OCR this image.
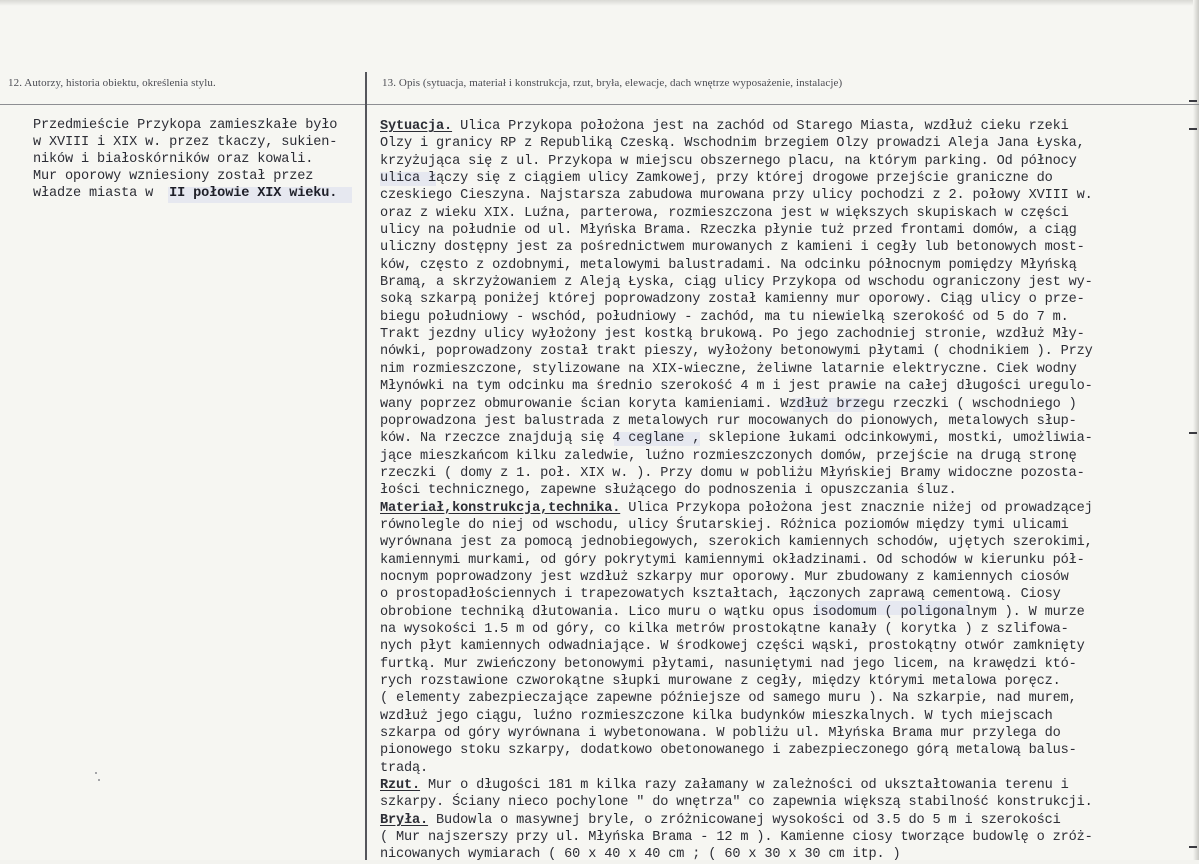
12. Autorzy, historia obiektu, określenia stylu.	13. Opis (sytuacja, materiał i konstrukcja, rzut, bryła, elewacje, dach wnętrze wyposażenie, instalacje)
Przedmieście Przykopa zamieszkałe było
w XVIII i XIX w. przez tkaczy, sukien-
ników i białoskórników oraz kowali.
Mur oporowy wzniesiony został przez
władze miasta w II połowie XIX wieku.
Sytuacja. Ulica Przykopa położona jest na zachód od Starego Miasta, wzdłuż cieku rzeki
Olzy i granicy RP z Republiką Czeską. Wschodnim brzegiem Olzy prowadzi Aleja Jana Łyska,
krzyżująca się z ul. Przykopa w miejscu obszernego placu, na którym parking. Od północy
ulica łączy się z ciągiem ulicy Zamkowej, przy której drogowe przejście graniczne do
czeskiego Cieszyna. Najstarsza zabudowa murowana przy ulicy pochodzi z 2. połowy XVIII w.
oraz z wieku XIX. Luźna, parterowa, rozmieszczona jest w większych skupiskach w części
ulicy na południe od ul. Młyńska Brama. Rzeczka płynie tuż przed frontami domów, a ciąg
uliczny dostępny jest za pośrednictwem murowanych z kamieni i cegły lub betonowych most-
ków, często z ozdobnymi, metalowymi balustradami. Na odcinku północnym pomiędzy Młyńską
Bramą, a skrzyżowaniem z Aleją Łyska, ciąg ulicy Przykopa od wschodu ograniczony jest wy-
soką szkarpą poniżej której poprowadzony został kamienny mur oporowy. Ciąg ulicy o prze-
biegu południowy - wschód, południowy - zachód, ma tu niewielką szerokość od 5 do 7 m.
Trakt jezdny ulicy wyłożony jest kostką brukową. Po jego zachodniej stronie, wzdłuż Mły-
nówki, poprowadzony został trakt pieszy, wyłożony betonowymi płytami ( chodnikiem ). Przy
nim rozmieszczone, stylizowane na XIX-wieczne, żeliwne latarnie elektryczne. Ciek wodny
Młynówki na tym odcinku ma średnio szerokość 4 m i jest prawie na całej długości uregulo-
wany poprzez obmurowanie ścian koryta kamieniami. Wzdłuż brzegu rzeczki ( wschodniego )
poprowadzona jest balustrada z metalowych rur mocowanych do pionowych, metalowych słup-
ków. Na rzeczce znajdują się 4 ceglane , sklepione łukami odcinkowymi, mostki, umożliwia-
jące mieszkańcom kilku zaledwie, luźno rozmieszczonych domów, przejście na drugą stronę
rzeczki ( domy z 1. poł. XIX w. ). Przy domu w pobliżu Młyńskiej Bramy widoczne pozosta-
łości technicznego, zapewne służącego do podnoszenia i opuszczania śluz.
Materiał,konstrukcja,technika. Ulica Przykopa położona jest znacznie niżej od prowadzącej
równolegle do niej od wschodu, ulicy Śrutarskiej. Różnica poziomów między tymi ulicami
wyrównana jest za pomocą jednobiegowych, szerokich kamiennych schodów, ujętych szerokimi,
kamiennymi murkami, od góry pokrytymi kamiennymi okładzinami. Od schodów w kierunku pół-
nocnym poprowadzony jest wzdłuż szkarpy mur oporowy. Mur zbudowany z kamiennych ciosów
o prostopadłościennych i trapezowatych kształtach, łączonych zaprawą cementową. Ciosy
obrobione techniką dłutowania. Lico muru o wątku opus isodomum ( poligonalnym ). W murze
na wysokości 1.5 m od góry, co kilka metrów prostokątne kanały ( korytka ) z szlifowa-
nych płyt kamiennych odwadniające. W środkowej części wąski, prostokątny otwór zamknięty
furtką. Mur zwieńczony betonowymi płytami, nasuniętymi nad jego licem, na krawędzi któ-
rych rozstawione czworokątne słupki murowane z cegły, między którymi metalowa poręcz.
( elementy zabezpieczające zapewne późniejsze od samego muru ). Na szkarpie, nad murem,
wzdłuż jego ciągu, luźno rozmieszczone kilka budynków mieszkalnych. W tych miejscach
szkarpa od góry wyrównana i wybetonowana. W pobliżu ul. Młyńska Brama mur przylega do
pionowego stoku szkarpy, dodatkowo obetonowanego i zabezpieczonego górą metalową balus-
tradą.
Rzut. Mur o długości 181 m kilka razy załamany w zależności od ukształtowania terenu i
szkarpy. Ściany nieco pochylone " do wnętrza" co zapewnia większą stabilność konstrukcji.
Bryła. Budowla o masywnej bryle, o zróżnicowanej wysokości od 3.5 do 5 m i szerokości
( Mur najszerszy przy ul. Młyńska Brama - 12 m ). Kamienne ciosy tworzące budowlę o zróż-
nicowanych wymiarach ( 60 x 40 x 40 cm ; ( 60 x 30 x 30 cm itp. )
